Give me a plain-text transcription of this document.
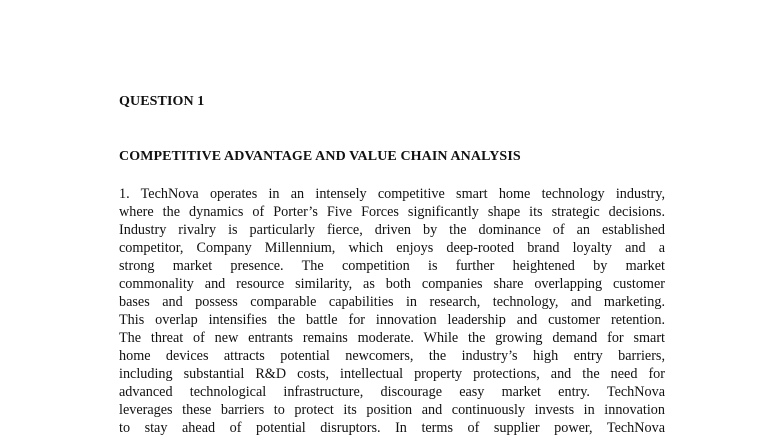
QUESTION 1
COMPETITIVE ADVANTAGE AND VALUE CHAIN ANALYSIS
1. TechNova operates in an intensely competitive smart home technology industry,
where the dynamics of Porter’s Five Forces significantly shape its strategic decisions.
Industry rivalry is particularly fierce, driven by the dominance of an established
competitor, Company Millennium, which enjoys deep-rooted brand loyalty and a
strong market presence. The competition is further heightened by market
commonality and resource similarity, as both companies share overlapping customer
bases and possess comparable capabilities in research, technology, and marketing.
This overlap intensifies the battle for innovation leadership and customer retention.
The threat of new entrants remains moderate. While the growing demand for smart
home devices attracts potential newcomers, the industry’s high entry barriers,
including substantial R&D costs, intellectual property protections, and the need for
advanced technological infrastructure, discourage easy market entry. TechNova
leverages these barriers to protect its position and continuously invests in innovation
to stay ahead of potential disruptors. In terms of supplier power, TechNova
